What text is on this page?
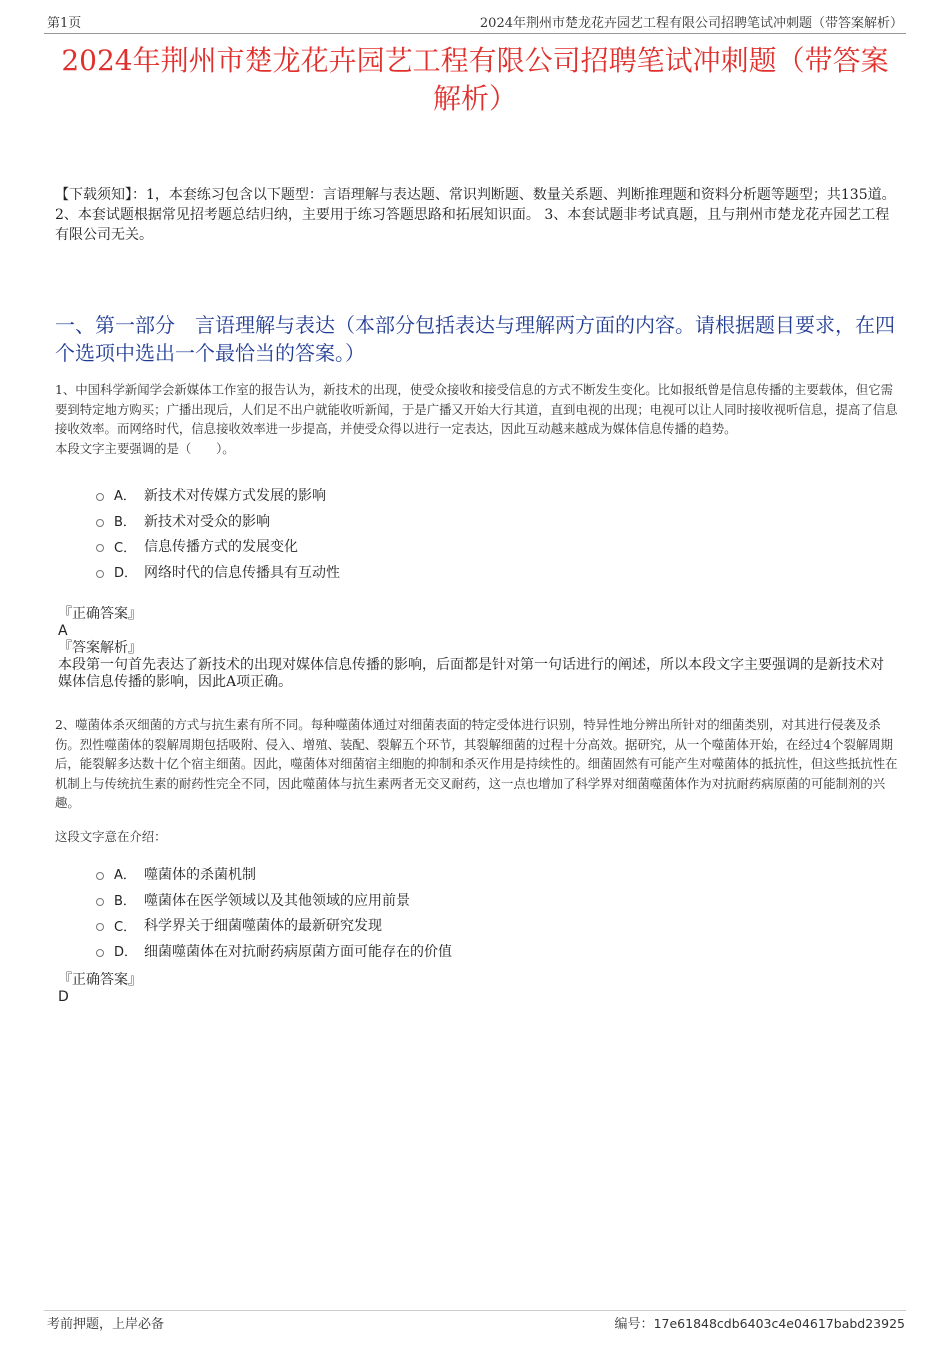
第1页	2024年荆州市楚龙花卉园艺工程有限公司招聘笔试冲刺题（带答案解析）
2024年荆州市楚龙花卉园艺工程有限公司招聘笔试冲刺题（带答案解析）
【下载须知】：1，本套练习包含以下题型：言语理解与表达题、常识判断题、数量关系题、判断推理题和资料分析题等题型；共135道。 2、本套试题根据常见招考题总结归纳，主要用于练习答题思路和拓展知识面。 3、本套试题非考试真题，且与荆州市楚龙花卉园艺工程有限公司无关。
一、第一部分　言语理解与表达（本部分包括表达与理解两方面的内容。请根据题目要求，在四个选项中选出一个最恰当的答案。）
1、中国科学新闻学会新媒体工作室的报告认为，新技术的出现，使受众接收和接受信息的方式不断发生变化。比如报纸曾是信息传播的主要载体，但它需要到特定地方购买；广播出现后，人们足不出户就能收听新闻，于是广播又开始大行其道，直到电视的出现；电视可以让人同时接收视听信息，提高了信息接收效率。而网络时代，信息接收效率进一步提高，并使受众得以进行一定表达，因此互动越来越成为媒体信息传播的趋势。
本段文字主要强调的是（　　）。
A． 新技术对传媒方式发展的影响
B． 新技术对受众的影响
C． 信息传播方式的发展变化
D． 网络时代的信息传播具有互动性
『正确答案』
A
『答案解析』
本段第一句首先表达了新技术的出现对媒体信息传播的影响，后面都是针对第一句话进行的阐述，所以本段文字主要强调的是新技术对媒体信息传播的影响，因此A项正确。
2、噬菌体杀灭细菌的方式与抗生素有所不同。每种噬菌体通过对细菌表面的特定受体进行识别，特异性地分辨出所针对的细菌类别，对其进行侵袭及杀伤。烈性噬菌体的裂解周期包括吸附、侵入、增殖、装配、裂解五个环节，其裂解细菌的过程十分高效。据研究，从一个噬菌体开始，在经过4个裂解周期后，能裂解多达数十亿个宿主细菌。因此，噬菌体对细菌宿主细胞的抑制和杀灭作用是持续性的。细菌固然有可能产生对噬菌体的抵抗性，但这些抵抗性在机制上与传统抗生素的耐药性完全不同，因此噬菌体与抗生素两者无交叉耐药，这一点也增加了科学界对细菌噬菌体作为对抗耐药病原菌的可能制剂的兴趣。
这段文字意在介绍：
A． 噬菌体的杀菌机制
B． 噬菌体在医学领域以及其他领域的应用前景
C． 科学界关于细菌噬菌体的最新研究发现
D． 细菌噬菌体在对抗耐药病原菌方面可能存在的价值
『正确答案』
D
考前押题，上岸必备	编号：17e61848cdb6403c4e04617babd23925
